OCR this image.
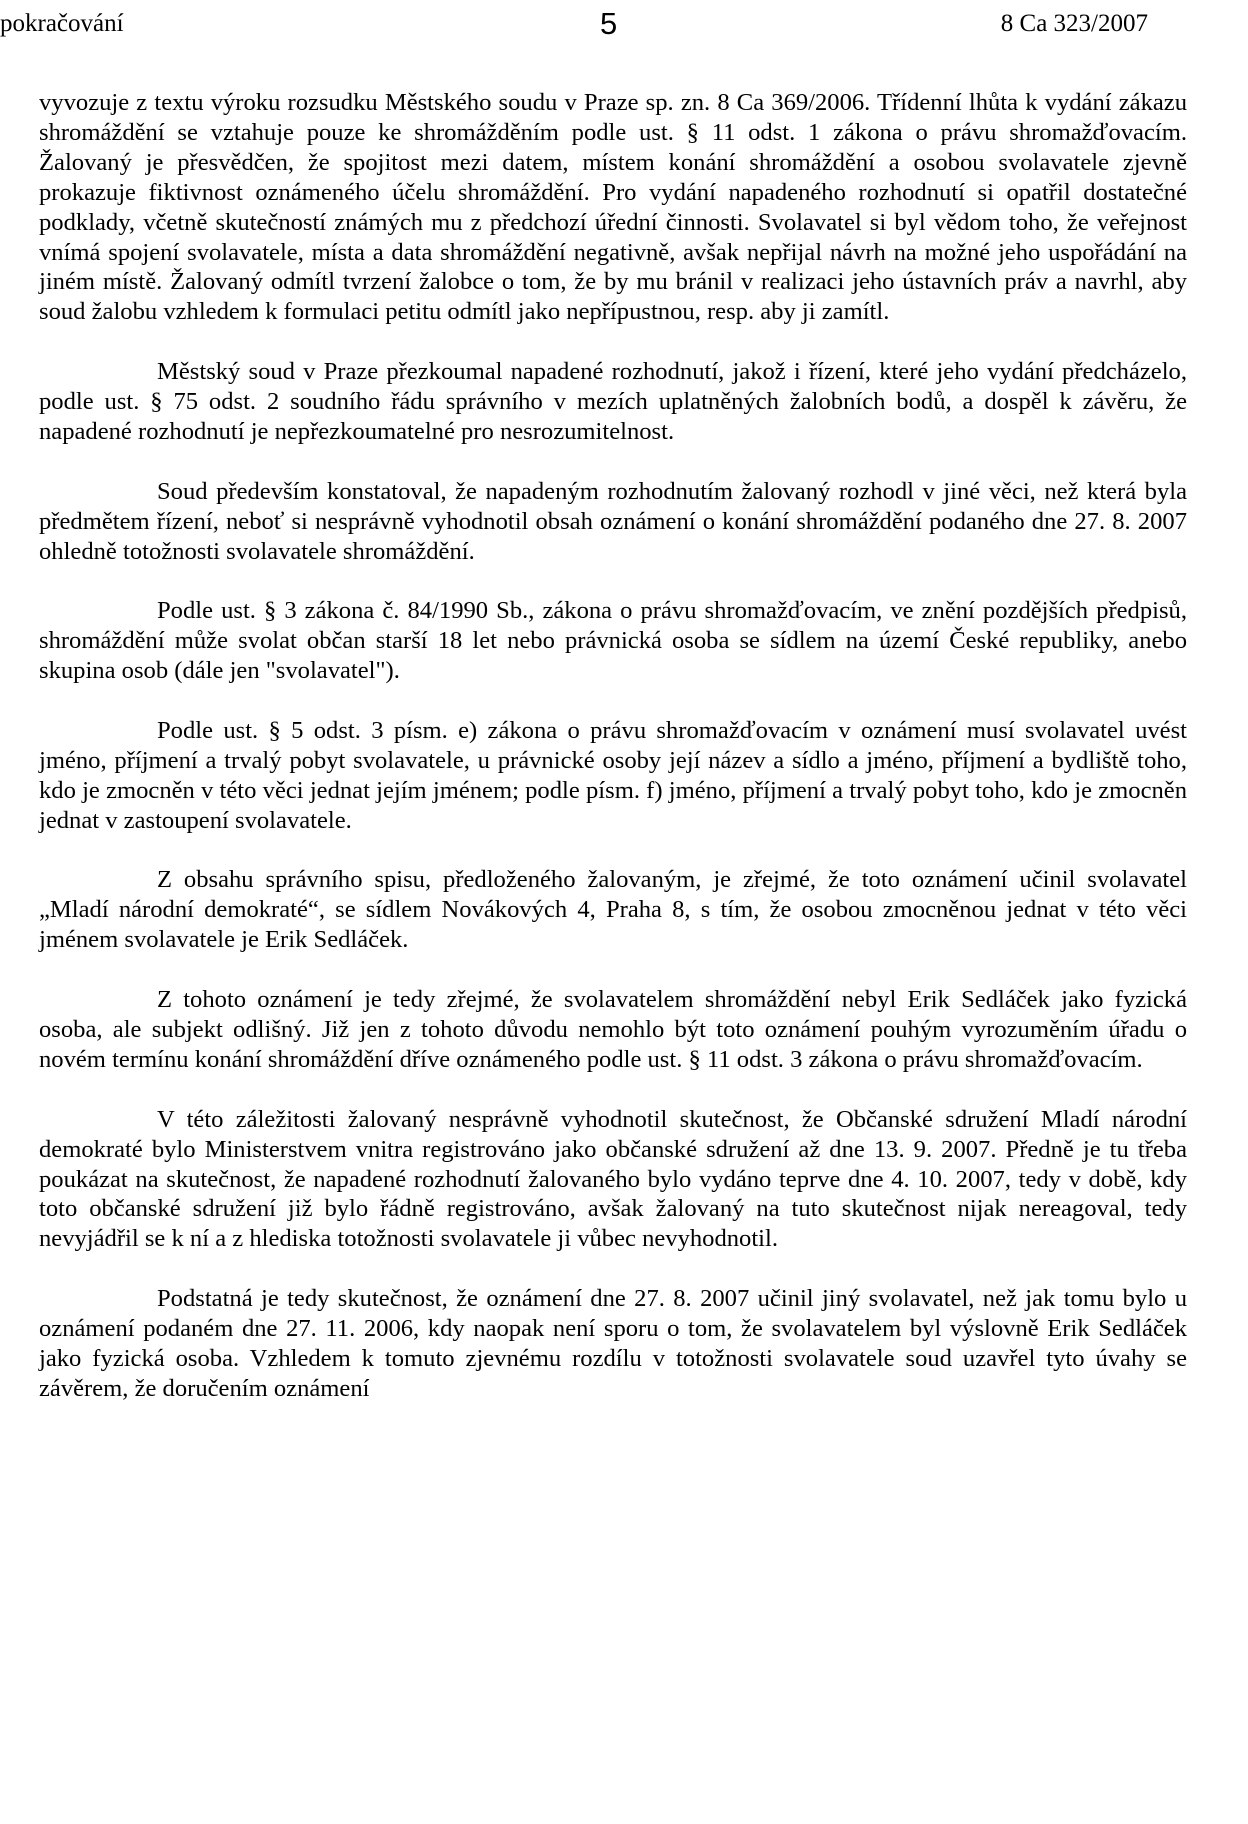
pokračování	5	8 Ca 323/2007

vyvozuje z textu výroku rozsudku Městského soudu v Praze sp. zn. 8 Ca 369/2006. Třídenní lhůta k vydání zákazu shromáždění se vztahuje pouze ke shromážděním podle ust. § 11 odst. 1 zákona o právu shromažďovacím. Žalovaný je přesvědčen, že spojitost mezi datem, místem konání shromáždění a osobou svolavatele zjevně prokazuje fiktivnost oznámeného účelu shromáždění. Pro vydání napadeného rozhodnutí si opatřil dostatečné podklady, včetně skutečností známých mu z předchozí úřední činnosti. Svolavatel si byl vědom toho, že veřejnost vnímá spojení svolavatele, místa a data shromáždění negativně, avšak nepřijal návrh na možné jeho uspořádání na jiném místě. Žalovaný odmítl tvrzení žalobce o tom, že by mu bránil v realizaci jeho ústavních práv a navrhl, aby soud žalobu vzhledem k formulaci petitu odmítl jako nepřípustnou, resp. aby ji zamítl.

Městský soud v Praze přezkoumal napadené rozhodnutí, jakož i řízení, které jeho vydání předcházelo, podle ust. § 75 odst. 2 soudního řádu správního v mezích uplatněných žalobních bodů, a dospěl k závěru, že napadené rozhodnutí je nepřezkoumatelné pro nesrozumitelnost.

Soud především konstatoval, že napadeným rozhodnutím žalovaný rozhodl v jiné věci, než která byla předmětem řízení, neboť si nesprávně vyhodnotil obsah oznámení o konání shromáždění podaného dne 27. 8. 2007 ohledně totožnosti svolavatele shromáždění.

Podle ust. § 3 zákona č. 84/1990 Sb., zákona o právu shromažďovacím, ve znění pozdějších předpisů, shromáždění může svolat občan starší 18 let nebo právnická osoba se sídlem na území České republiky, anebo skupina osob (dále jen "svolavatel").

Podle ust. § 5 odst. 3 písm. e) zákona o právu shromažďovacím v oznámení musí svolavatel uvést jméno, příjmení a trvalý pobyt svolavatele, u právnické osoby její název a sídlo a jméno, příjmení a bydliště toho, kdo je zmocněn v této věci jednat jejím jménem; podle písm. f) jméno, příjmení a trvalý pobyt toho, kdo je zmocněn jednat v zastoupení svolavatele.

Z obsahu správního spisu, předloženého žalovaným, je zřejmé, že toto oznámení učinil svolavatel „Mladí národní demokraté“, se sídlem Novákových 4, Praha 8, s tím, že osobou zmocněnou jednat v této věci jménem svolavatele je Erik Sedláček.

Z tohoto oznámení je tedy zřejmé, že svolavatelem shromáždění nebyl Erik Sedláček jako fyzická osoba, ale subjekt odlišný. Již jen z tohoto důvodu nemohlo být toto oznámení pouhým vyrozuměním úřadu o novém termínu konání shromáždění dříve oznámeného podle ust. § 11 odst. 3 zákona o právu shromažďovacím.

V této záležitosti žalovaný nesprávně vyhodnotil skutečnost, že Občanské sdružení Mladí národní demokraté bylo Ministerstvem vnitra registrováno jako občanské sdružení až dne 13. 9. 2007. Předně je tu třeba poukázat na skutečnost, že napadené rozhodnutí žalovaného bylo vydáno teprve dne 4. 10. 2007, tedy v době, kdy toto občanské sdružení již bylo řádně registrováno, avšak žalovaný na tuto skutečnost nijak nereagoval, tedy nevyjádřil se k ní a z hlediska totožnosti svolavatele ji vůbec nevyhodnotil.

Podstatná je tedy skutečnost, že oznámení dne 27. 8. 2007 učinil jiný svolavatel, než jak tomu bylo u oznámení podaném dne 27. 11. 2006, kdy naopak není sporu o tom, že svolavatelem byl výslovně Erik Sedláček jako fyzická osoba. Vzhledem k tomuto zjevnému rozdílu v totožnosti svolavatele soud uzavřel tyto úvahy se závěrem, že doručením oznámení
